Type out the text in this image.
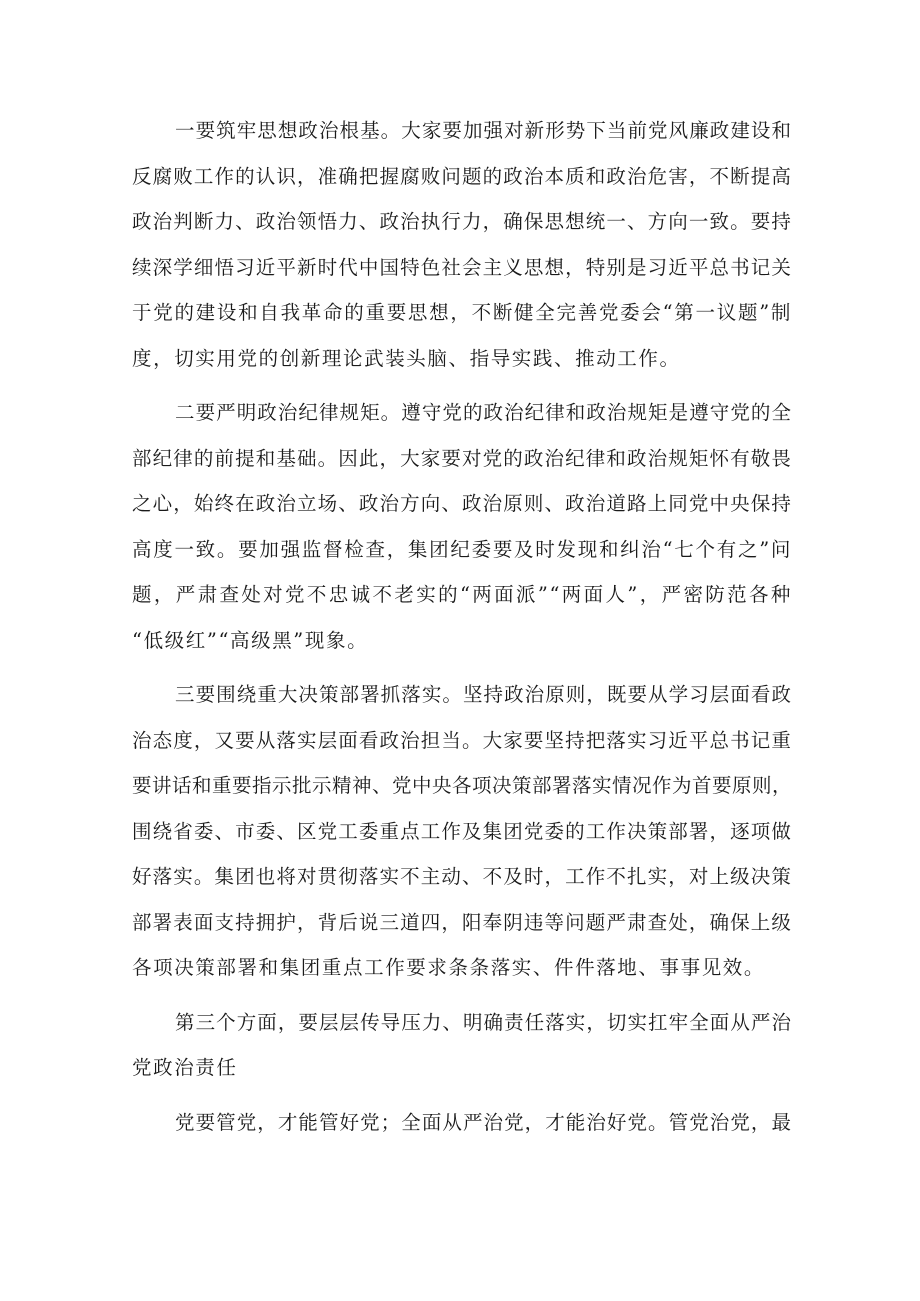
一要筑牢思想政治根基。大家要加强对新形势下当前党风廉政建设和
反腐败工作的认识，准确把握腐败问题的政治本质和政治危害，不断提高
政治判断力、政治领悟力、政治执行力，确保思想统一、方向一致。要持
续深学细悟习近平新时代中国特色社会主义思想，特别是习近平总书记关
于党的建设和自我革命的重要思想，不断健全完善党委会“第一议题”制
度，切实用党的创新理论武装头脑、指导实践、推动工作。
二要严明政治纪律规矩。遵守党的政治纪律和政治规矩是遵守党的全
部纪律的前提和基础。因此，大家要对党的政治纪律和政治规矩怀有敬畏
之心，始终在政治立场、政治方向、政治原则、政治道路上同党中央保持
高度一致。要加强监督检查，集团纪委要及时发现和纠治“七个有之”问
题，严肃查处对党不忠诚不老实的“两面派”“两面人”，严密防范各种
“低级红”“高级黑”现象。
三要围绕重大决策部署抓落实。坚持政治原则，既要从学习层面看政
治态度，又要从落实层面看政治担当。大家要坚持把落实习近平总书记重
要讲话和重要指示批示精神、党中央各项决策部署落实情况作为首要原则，
围绕省委、市委、区党工委重点工作及集团党委的工作决策部署，逐项做
好落实。集团也将对贯彻落实不主动、不及时，工作不扎实，对上级决策
部署表面支持拥护，背后说三道四，阳奉阴违等问题严肃查处，确保上级
各项决策部署和集团重点工作要求条条落实、件件落地、事事见效。
第三个方面，要层层传导压力、明确责任落实，切实扛牢全面从严治
党政治责任
党要管党，才能管好党；全面从严治党，才能治好党。管党治党，最
